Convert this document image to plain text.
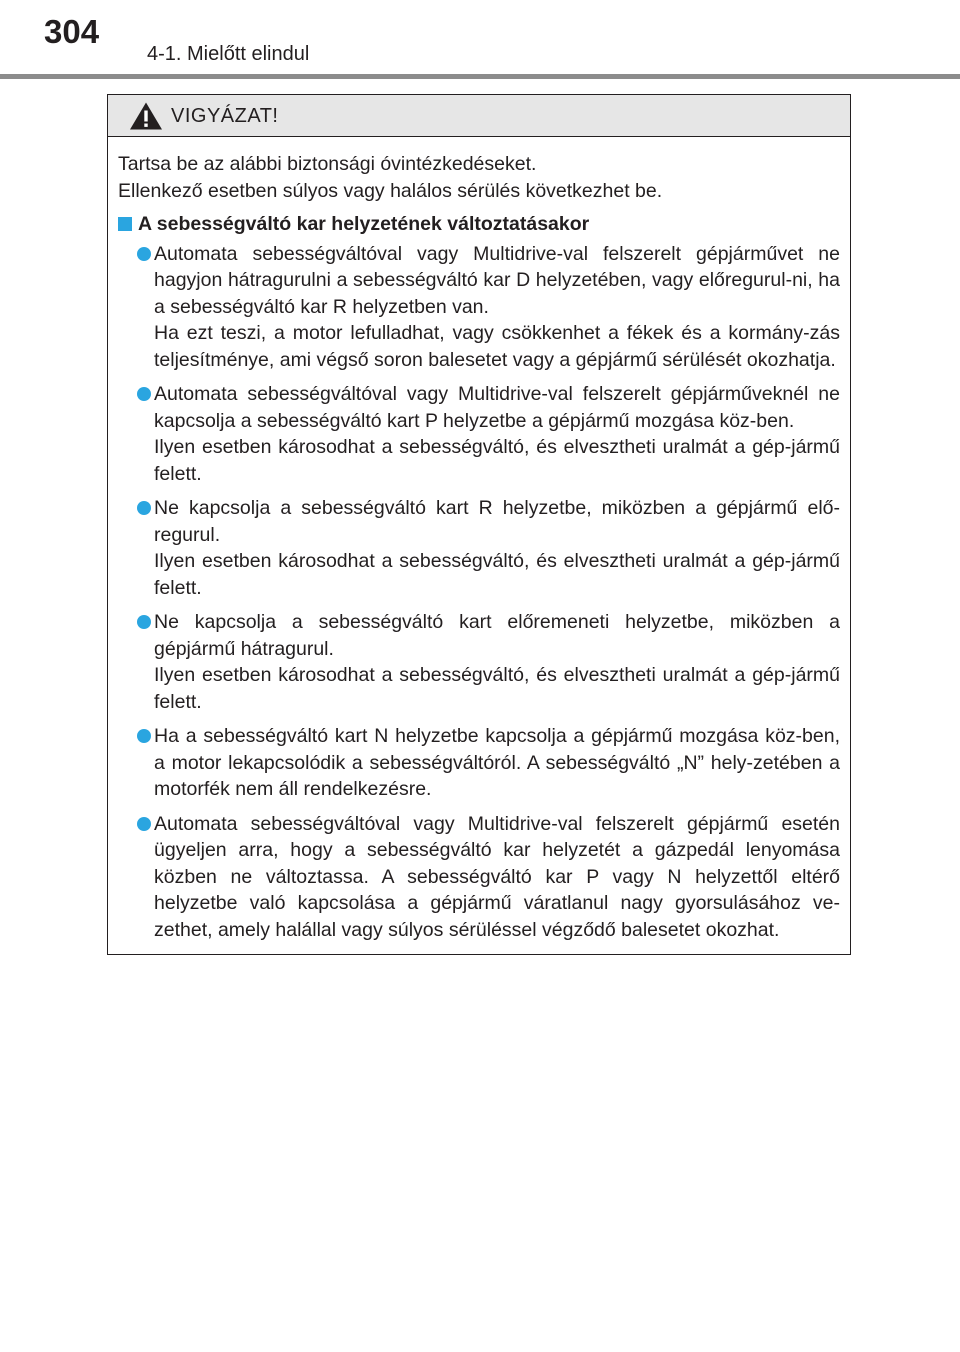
304
4-1. Mielőtt elindul
VIGYÁZAT!

Tartsa be az alábbi biztonsági óvintézkedéseket.

Ellenkező esetben súlyos vagy halálos sérülés következhet be.

A sebességváltó kar helyzetének változtatásakor

Automata sebességváltóval vagy Multidrive-val felszerelt gépjárművet ne hagyjon hátragurulni a sebességváltó kar D helyzetében, vagy előregurul-ni, ha a sebességváltó kar R helyzetben van.

Ha ezt teszi, a motor lefulladhat, vagy csökkenhet a fékek és a kormány-zás teljesítménye, ami végső soron balesetet vagy a gépjármű sérülését okozhatja.

Automata sebességváltóval vagy Multidrive-val felszerelt gépjárműveknél ne kapcsolja a sebességváltó kart P helyzetbe a gépjármű mozgása köz-ben.

Ilyen esetben károsodhat a sebességváltó, és elvesztheti uralmát a gép-jármű felett.

Ne kapcsolja a sebességváltó kart R helyzetbe, miközben a gépjármű elő-regurul.

Ilyen esetben károsodhat a sebességváltó, és elvesztheti uralmát a gép-jármű felett.

Ne kapcsolja a sebességváltó kart előremeneti helyzetbe, miközben a gépjármű hátragurul.

Ilyen esetben károsodhat a sebességváltó, és elvesztheti uralmát a gép-jármű felett.

Ha a sebességváltó kart N helyzetbe kapcsolja a gépjármű mozgása köz-ben, a motor lekapcsolódik a sebességváltóról. A sebességváltó „N” hely-zetében a motorfék nem áll rendelkezésre.

Automata sebességváltóval vagy Multidrive-val felszerelt gépjármű esetén ügyeljen arra, hogy a sebességváltó kar helyzetét a gázpedál lenyomása közben ne változtassa. A sebességváltó kar P vagy N helyzettől eltérő helyzetbe való kapcsolása a gépjármű váratlanul nagy gyorsulásához ve-zethet, amely halállal vagy súlyos sérüléssel végződő balesetet okozhat.
